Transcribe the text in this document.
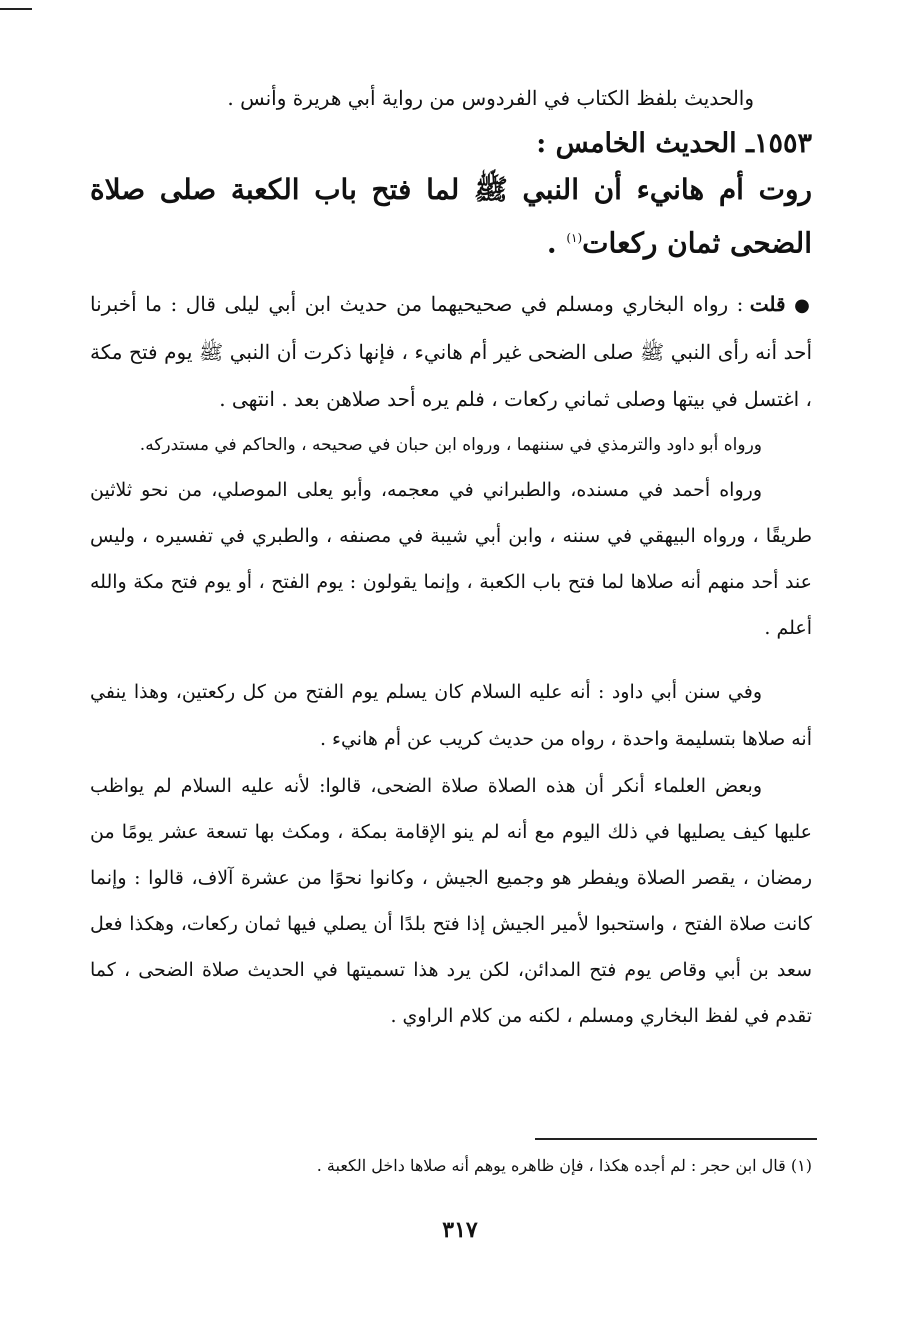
والحديث بلفظ الكتاب في الفردوس من رواية أبي هريرة وأنس .

١٥٥٣ـ الحديث الخامس :

روت أم هانيء أن النبي ﷺ لما فتح باب الكعبة صلى صلاة الضحى ثمان ركعات$^{(١)}$ .

● قلت : رواه البخاري ومسلم في صحيحيهما من حديث ابن أبي ليلى قال : ما أخبرنا أحد أنه رأى النبي ﷺ صلى الضحى غير أم هانيء ، فإنها ذكرت أن النبي ﷺ يوم فتح مكة ، اغتسل في بيتها وصلى ثماني ركعات ، فلم يره أحد صلاهن بعد . انتهى .

ورواه أبو داود والترمذي في سننهما ، ورواه ابن حبان في صحيحه ، والحاكم في مستدركه.

ورواه أحمد في مسنده، والطبراني في معجمه، وأبو يعلى الموصلي، من نحو ثلاثين طريقًا ، ورواه البيهقي في سننه ، وابن أبي شيبة في مصنفه ، والطبري في تفسيره ، وليس عند أحد منهم أنه صلاها لما فتح باب الكعبة ، وإنما يقولون : يوم الفتح ، أو يوم فتح مكة والله أعلم .

وفي سنن أبي داود : أنه عليه السلام كان يسلم يوم الفتح من كل ركعتين، وهذا ينفي أنه صلاها بتسليمة واحدة ، رواه من حديث كريب عن أم هانيء .

وبعض العلماء أنكر أن هذه الصلاة صلاة الضحى، قالوا: لأنه عليه السلام لم يواظب عليها كيف يصليها في ذلك اليوم مع أنه لم ينو الإقامة بمكة ، ومكث بها تسعة عشر يومًا من رمضان ، يقصر الصلاة ويفطر هو وجميع الجيش ، وكانوا نحوًا من عشرة آلاف، قالوا : وإنما كانت صلاة الفتح ، واستحبوا لأمير الجيش إذا فتح بلدًا أن يصلي فيها ثمان ركعات، وهكذا فعل سعد بن أبي وقاص يوم فتح المدائن، لكن يرد هذا تسميتها في الحديث صلاة الضحى ، كما تقدم في لفظ البخاري ومسلم ، لكنه من كلام الراوي .

(١) قال ابن حجر : لم أجده هكذا ، فإن ظاهره يوهم أنه صلاها داخل الكعبة .

٣١٧
